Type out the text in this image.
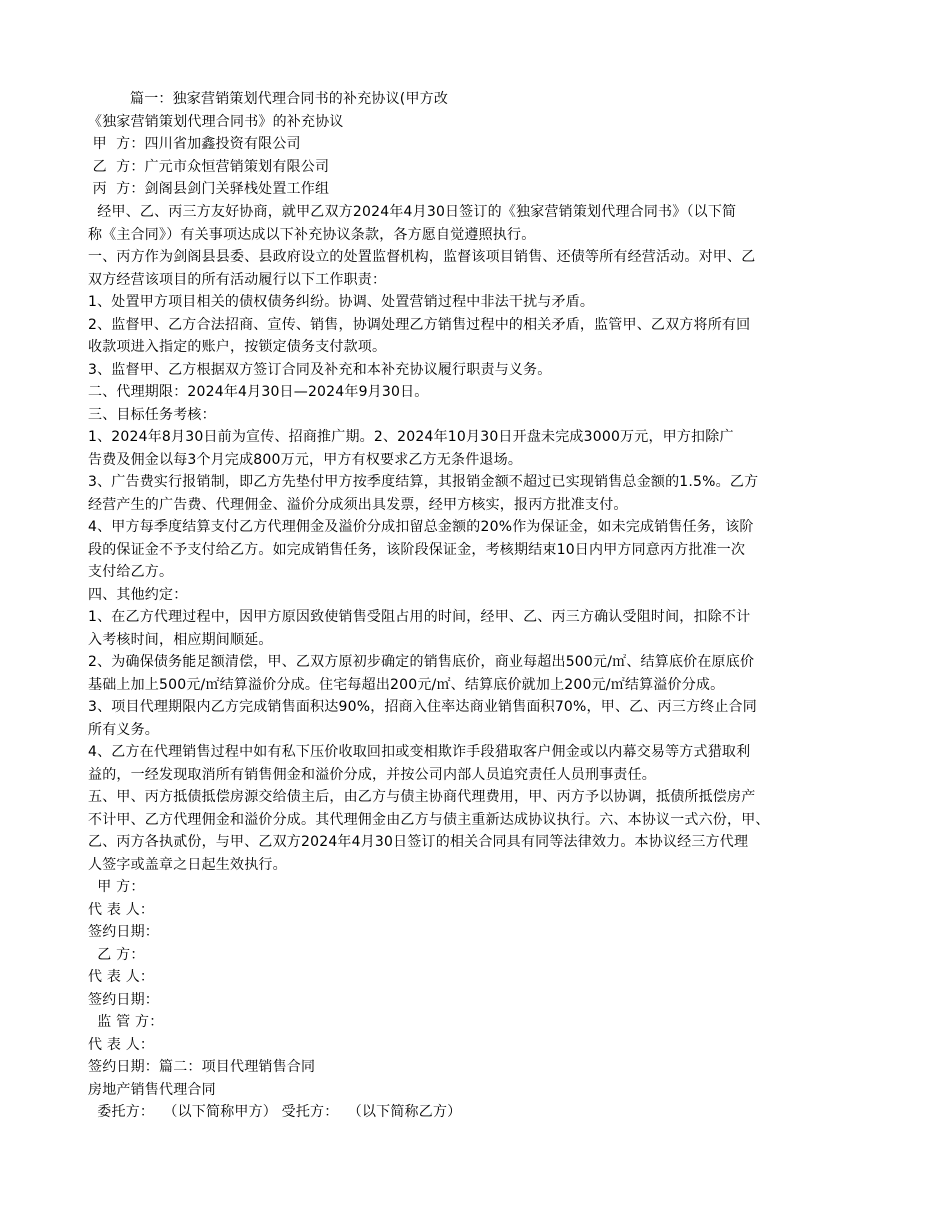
篇一：独家营销策划代理合同书的补充协议(甲方改
《独家营销策划代理合同书》的补充协议
甲  方：四川省加鑫投资有限公司
乙  方：广元市众恒营销策划有限公司
丙  方：剑阁县剑门关驿栈处置工作组
经甲、乙、丙三方友好协商，就甲乙双方2024年4月30日签订的《独家营销策划代理合同书》（以下简
称《主合同》）有关事项达成以下补充协议条款，各方愿自觉遵照执行。
一、丙方作为剑阁县县委、县政府设立的处置监督机构，监督该项目销售、还债等所有经营活动。对甲、乙
双方经营该项目的所有活动履行以下工作职责：
1、处置甲方项目相关的债权债务纠纷。协调、处置营销过程中非法干扰与矛盾。
2、监督甲、乙方合法招商、宣传、销售，协调处理乙方销售过程中的相关矛盾，监管甲、乙双方将所有回
收款项进入指定的账户，按锁定债务支付款项。
3、监督甲、乙方根据双方签订合同及补充和本补充协议履行职责与义务。
二、代理期限：2024年4月30日—2024年9月30日。
三、目标任务考核：
1、2024年8月30日前为宣传、招商推广期。2、2024年10月30日开盘未完成3000万元，甲方扣除广
告费及佣金以每3个月完成800万元，甲方有权要求乙方无条件退场。
3、广告费实行报销制，即乙方先垫付甲方按季度结算，其报销金额不超过已实现销售总金额的1.5%。乙方
经营产生的广告费、代理佣金、溢价分成须出具发票，经甲方核实，报丙方批准支付。
4、甲方每季度结算支付乙方代理佣金及溢价分成扣留总金额的20%作为保证金，如未完成销售任务，该阶
段的保证金不予支付给乙方。如完成销售任务，该阶段保证金，考核期结束10日内甲方同意丙方批准一次
支付给乙方。
四、其他约定：
1、在乙方代理过程中，因甲方原因致使销售受阻占用的时间，经甲、乙、丙三方确认受阻时间，扣除不计
入考核时间，相应期间顺延。
2、为确保债务能足额清偿，甲、乙双方原初步确定的销售底价，商业每超出500元/㎡、结算底价在原底价
基础上加上500元/㎡结算溢价分成。住宅每超出200元/㎡、结算底价就加上200元/㎡结算溢价分成。
3、项目代理期限内乙方完成销售面积达90%，招商入住率达商业销售面积70%，甲、乙、丙三方终止合同
所有义务。
4、乙方在代理销售过程中如有私下压价收取回扣或变相欺诈手段猎取客户佣金或以内幕交易等方式猎取利
益的，一经发现取消所有销售佣金和溢价分成，并按公司内部人员追究责任人员刑事责任。
五、甲、丙方抵债抵偿房源交给债主后，由乙方与债主协商代理费用，甲、丙方予以协调，抵债所抵偿房产
不计甲、乙方代理佣金和溢价分成。其代理佣金由乙方与债主重新达成协议执行。六、本协议一式六份，甲、
乙、丙方各执贰份，与甲、乙双方2024年4月30日签订的相关合同具有同等法律效力。本协议经三方代理
人签字或盖章之日起生效执行。
甲 方：
代 表 人：
签约日期：
乙 方：
代 表 人：
签约日期：
监 管 方：
代 表 人：
签约日期：篇二：项目代理销售合同
房地产销售代理合同
委托方：  （以下简称甲方） 受托方：  （以下简称乙方）
